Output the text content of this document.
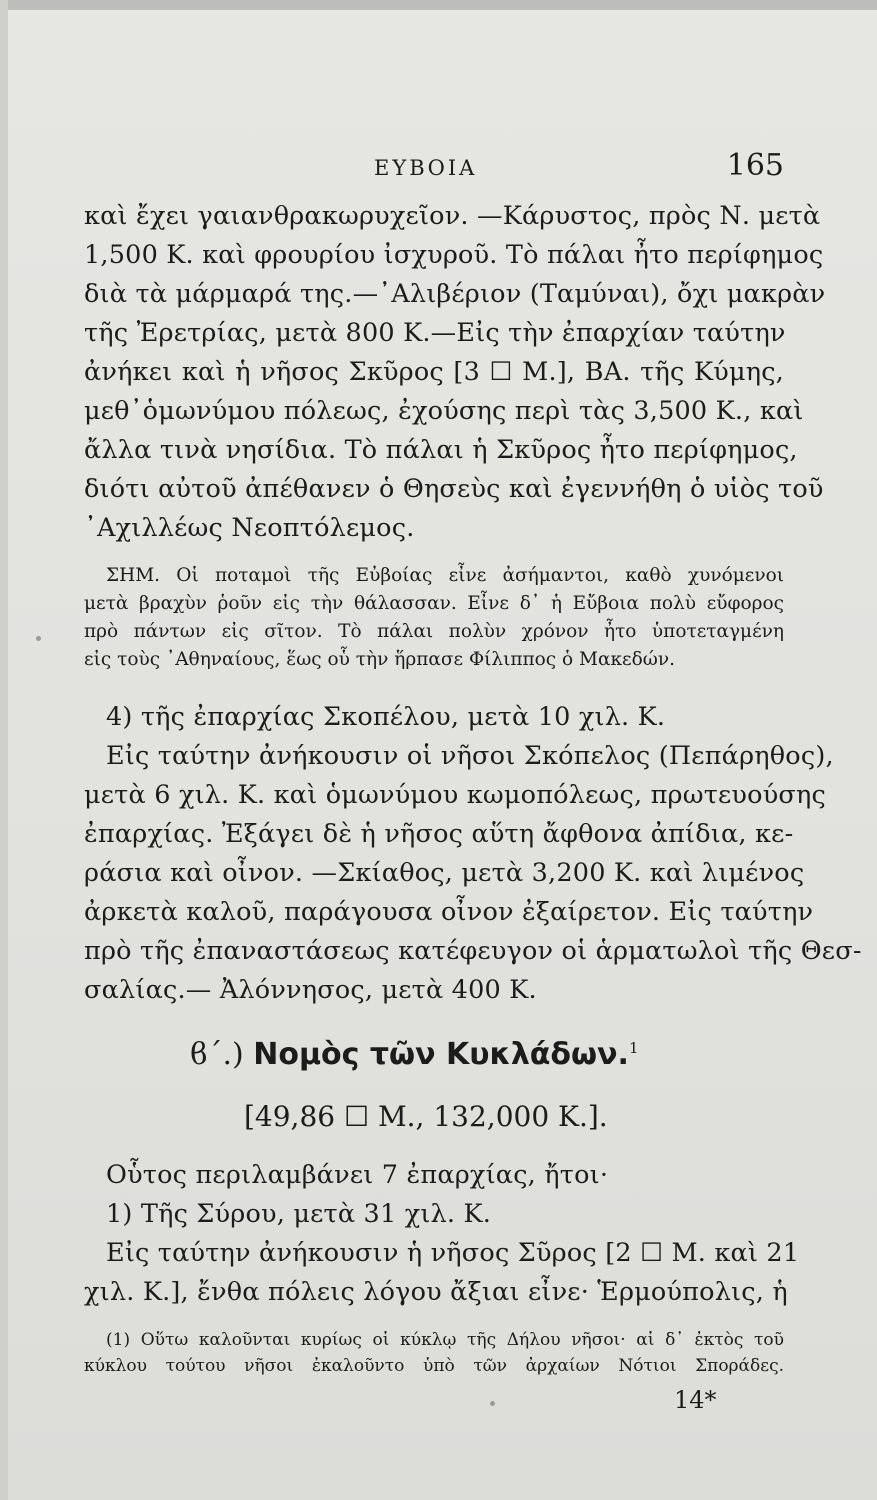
ΕΥΒΟΙΑ	165
καὶ ἔχει γαιανθρακωρυχεῖον. —Κάρυστος, πρὸς Ν. μετὰ
1,500 Κ. καὶ φρουρίου ἰσχυροῦ. Τὸ πάλαι ἦτο περίφημος
διὰ τὰ μάρμαρά της.—᾿Αλιβέριον (Ταμύναι), ὄχι μακρὰν
τῆς Ἐρετρίας, μετὰ 800 Κ.—Εἰς τὴν ἐπαρχίαν ταύτην
ἀνήκει καὶ ἡ νῆσος Σκῦρος [3 ☐ Μ.], ΒΑ. τῆς Κύμης,
μεθ᾿ὁμωνύμου πόλεως, ἐχούσης περὶ τὰς 3,500 Κ., καὶ
ἄλλα τινὰ νησίδια. Τὸ πάλαι ἡ Σκῦρος ἦτο περίφημος,
διότι αὐτοῦ ἀπέθανεν ὁ Θησεὺς καὶ ἐγεννήθη ὁ υἱὸς τοῦ
᾿Αχιλλέως Νεοπτόλεμος.
ΣΗΜ. Οἱ ποταμοὶ τῆς Εὐβοίας εἶνε ἀσήμαντοι, καθὸ χυνόμενοι
μετὰ βραχὺν ῥοῦν εἰς τὴν θάλασσαν. Εἶνε δ᾿ ἡ Εὔβοια πολὺ εὔφορος
πρὸ πάντων εἰς σῖτον. Τὸ πάλαι πολὺν χρόνον ἦτο ὑποτεταγμένη
εἰς τοὺς ᾿Αθηναίους, ἕως οὗ τὴν ἥρπασε Φίλιππος ὁ Μακεδών.
4) τῆς ἐπαρχίας Σκοπέλου, μετὰ 10 χιλ. Κ.
Εἰς ταύτην ἀνήκουσιν οἱ νῆσοι Σκόπελος (Πεπάρηθος),
μετὰ 6 χιλ. Κ. καὶ ὁμωνύμου κωμοπόλεως, πρωτευούσης
ἐπαρχίας. Ἐξάγει δὲ ἡ νῆσος αὕτη ἄφθονα ἀπίδια, κε-
ράσια καὶ οἶνον. —Σκίαθος, μετὰ 3,200 Κ. καὶ λιμένος
ἀρκετὰ καλοῦ, παράγουσα οἶνον ἐξαίρετον. Εἰς ταύτην
πρὸ τῆς ἐπαναστάσεως κατέφευγον οἱ ἁρματωλοὶ τῆς Θεσ-
σαλίας.— Ἀλόννησος, μετὰ 400 Κ.
ϐ΄.) Νομὸς τῶν Κυκλάδων.$^1$
[49,86 ☐ Μ., 132,000 Κ.].
Οὗτος περιλαμβάνει 7 ἐπαρχίας, ἤτοι·
1) Τῆς Σύρου, μετὰ 31 χιλ. Κ.
Εἰς ταύτην ἀνήκουσιν ἡ νῆσος Σῦρος [2 ☐ Μ. καὶ 21
χιλ. Κ.], ἔνθα πόλεις λόγου ἄξιαι εἶνε· Ἑρμούπολις, ἡ
(1) Οὕτω καλοῦνται κυρίως οἱ κύκλῳ τῆς Δήλου νῆσοι· αἱ δ᾿ ἐκτὸς τοῦ
κύκλου τούτου νῆσοι ἐκαλοῦντο ὑπὸ τῶν ἀρχαίων Νότιοι Σποράδες.
14*
